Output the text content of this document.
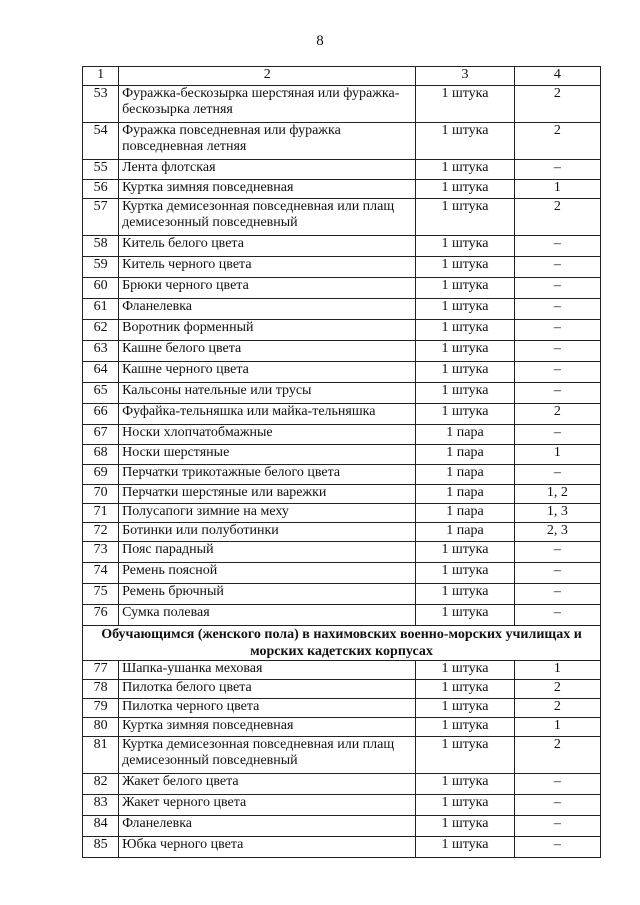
8
1	2	3	4
53	Фуражка-бескозырка шерстяная или фуражка-бескозырка летняя	1 штука	2
54	Фуражка повседневная или фуражка повседневная летняя	1 штука	2
55	Лента флотская	1 штука	–
56	Куртка зимняя повседневная	1 штука	1
57	Куртка демисезонная повседневная или плащ демисезонный повседневный	1 штука	2
58	Китель белого цвета	1 штука	–
59	Китель черного цвета	1 штука	–
60	Брюки черного цвета	1 штука	–
61	Фланелевка	1 штука	–
62	Воротник форменный	1 штука	–
63	Кашне белого цвета	1 штука	–
64	Кашне черного цвета	1 штука	–
65	Кальсоны нательные или трусы	1 штука	–
66	Фуфайка-тельняшка или майка-тельняшка	1 штука	2
67	Носки хлопчатобмажные	1 пара	–
68	Носки шерстяные	1 пара	1
69	Перчатки трикотажные белого цвета	1 пара	–
70	Перчатки шерстяные или варежки	1 пара	1, 2
71	Полусапоги зимние на меху	1 пара	1, 3
72	Ботинки или полуботинки	1 пара	2, 3
73	Пояс парадный	1 штука	–
74	Ремень поясной	1 штука	–
75	Ремень брючный	1 штука	–
76	Сумка полевая	1 штука	–
Обучающимся (женского пола) в нахимовских военно-морских училищах и морских кадетских корпусах			
77	Шапка-ушанка меховая	1 штука	1
78	Пилотка белого цвета	1 штука	2
79	Пилотка черного цвета	1 штука	2
80	Куртка зимняя повседневная	1 штука	1
81	Куртка демисезонная повседневная или плащ демисезонный повседневный	1 штука	2
82	Жакет белого цвета	1 штука	–
83	Жакет черного цвета	1 штука	–
84	Фланелевка	1 штука	–
85	Юбка черного цвета	1 штука	–
